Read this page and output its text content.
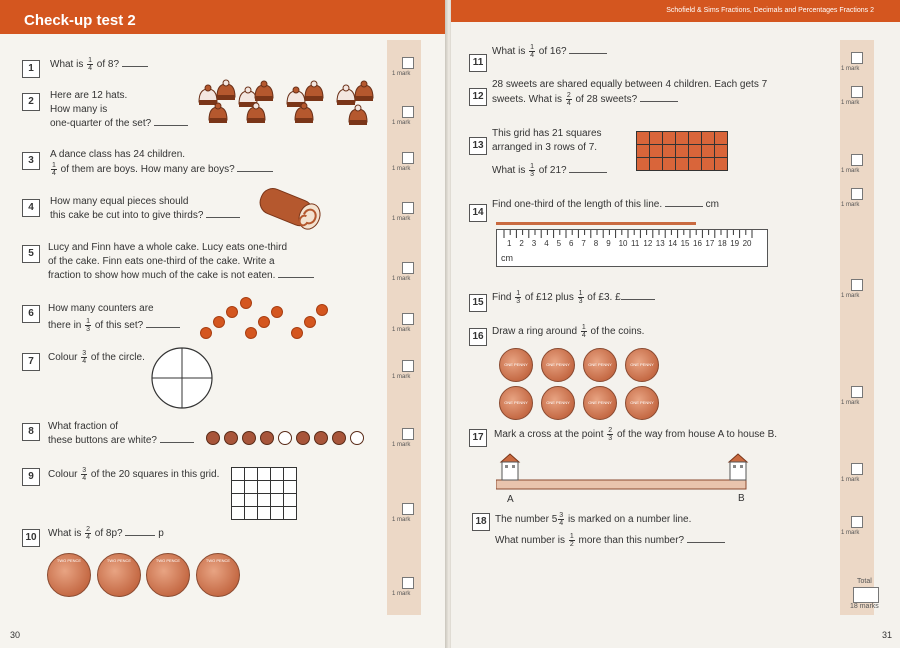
Check-up test 2
1	What is $\frac{1}{4}$ of 8?
2
Here are 12 hats.
How many is
one-quarter of the set?
3
A dance class has 24 children.
$\frac{1}{4}$ of them are boys. How many are boys?
4
How many equal pieces should
this cake be cut into to give thirds?
5
Lucy and Finn have a whole cake. Lucy eats one-third
of the cake. Finn eats one-third of the cake. Write a
fraction to show how much of the cake is not eaten.
6	How many counters are
there in $\frac{1}{3}$ of this set?
7	Colour $\frac{3}{4}$ of the circle.
8	What fraction of
these buttons are white?
9	Colour $\frac{3}{4}$ of the 20 squares in this grid.

10	What is $\frac{2}{4}$ of 8p?	p
TWO PENCE	TWO PENCE	TWO PENCE	TWO PENCE
1 mark
1 mark
1 mark
1 mark
1 mark
1 mark
1 mark
1 mark
1 mark
1 mark
30
Schofield & Sims Fractions, Decimals and Percentages Fractions 2
11
What is $\frac{1}{4}$ of 16?
12
28 sweets are shared equally between 4 children. Each gets 7
sweets. What is $\frac{2}{4}$ of 28 sweets?
13
This grid has 21 squares
arranged in 3 rows of 7.
What is $\frac{1}{3}$ of 21?

14
Find one-third of the length of this line.	cm
1 2 3 4 5 6 7 8 9 10 11 12 13 14 15 16 17 18 19 20
cm
15 Find $\frac{1}{3}$ of £12 plus $\frac{1}{3}$ of £3. £
16 Draw a ring around $\frac{1}{4}$ of the coins.
ONE PENNY	ONE PENNY	ONE PENNY	ONE PENNY
ONE PENNY	ONE PENNY	ONE PENNY	ONE PENNY
17	Mark a cross at the point $\frac{2}{3}$ of the way from house A to house B.
A	B
18 The number $5 \frac{3}{4}$ is marked on a number line.
What number is $\frac{1}{2}$ more than this number?
1 mark
1 mark
1 mark
1 mark
1 mark
1 mark
1 mark
1 mark
Total
18 marks
31
